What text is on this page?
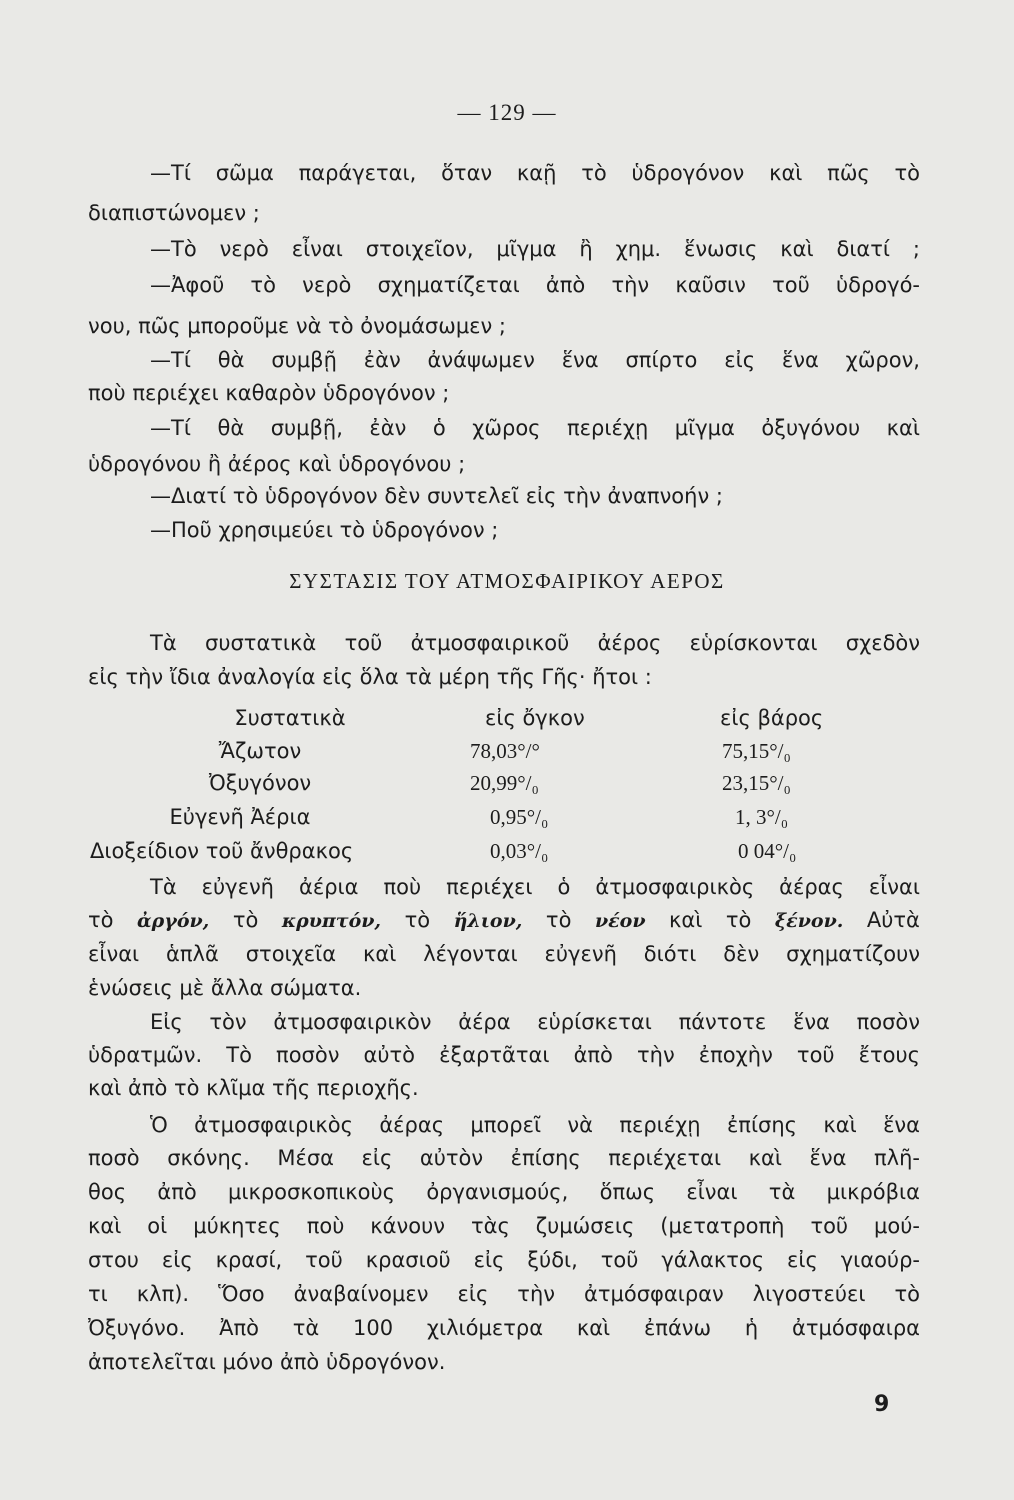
— 129 —
—Τί σῶμα παράγεται, ὅταν καῇ τὸ ὑδρογόνον καὶ πῶς τὸ
διαπιστώνομεν ;
—Τὸ νερὸ εἶναι στοιχεῖον, μῖγμα ἢ χημ. ἕνωσις καὶ διατί ;
—Ἀφοῦ τὸ νερὸ σχηματίζεται ἀπὸ τὴν καῦσιν τοῦ ὑδρογό-
νου, πῶς μποροῦμε νὰ τὸ ὀνομάσωμεν ;
—Τί θὰ συμβῇ ἐὰν ἀνάψωμεν ἕνα σπίρτο εἰς ἕνα χῶρον,
ποὺ περιέχει καθαρὸν ὑδρογόνον ;
—Τί θὰ συμβῇ, ἐὰν ὁ χῶρος περιέχῃ μῖγμα ὀξυγόνου καὶ
ὑδρογόνου ἢ ἀέρος καὶ ὑδρογόνου ;
—Διατί τὸ ὑδρογόνον δὲν συντελεῖ εἰς τὴν ἀναπνοήν ;
—Ποῦ χρησιμεύει τὸ ὑδρογόνον ;
ΣΥΣΤΑΣΙΣ ΤΟΥ ΑΤΜΟΣΦΑΙΡΙΚΟΥ ΑΕΡΟΣ
Τὰ συστατικὰ τοῦ ἀτμοσφαιρικοῦ ἀέρος εὑρίσκονται σχεδὸν
εἰς τὴν ἴδια ἀναλογία εἰς ὅλα τὰ μέρη τῆς Γῆς· ἤτοι :
Συστατικὰ	εἰς ὄγκον	εἰς βάρος
Ἄζωτον	78,03°/°	75,15°/₀
Ὀξυγόνον	20,99°/₀	23,15°/₀
Εὐγενῆ Ἀέρια	0,95°/₀	1, 3°/₀
Διοξείδιον τοῦ ἄνθρακος	0,03°/₀	0 04°/₀
Τὰ εὐγενῆ ἀέρια ποὺ περιέχει ὁ ἀτμοσφαιρικὸς ἀέρας εἶναι
τὸ ἀργόν, τὸ κρυπτόν, τὸ ἥλιον, τὸ νέον καὶ τὸ ξένον. Αὐτὰ
εἶναι ἁπλᾶ στοιχεῖα καὶ λέγονται εὐγενῆ διότι δὲν σχηματίζουν
ἑνώσεις μὲ ἄλλα σώματα.
Εἰς τὸν ἀτμοσφαιρικὸν ἀέρα εὑρίσκεται πάντοτε ἕνα ποσὸν
ὑδρατμῶν. Τὸ ποσὸν αὐτὸ ἐξαρτᾶται ἀπὸ τὴν ἐποχὴν τοῦ ἔτους
καὶ ἀπὸ τὸ κλῖμα τῆς περιοχῆς.
Ὁ ἀτμοσφαιρικὸς ἀέρας μπορεῖ νὰ περιέχῃ ἐπίσης καὶ ἕνα
ποσὸ σκόνης. Μέσα εἰς αὐτὸν ἐπίσης περιέχεται καὶ ἕνα πλῆ-
θος ἀπὸ μικροσκοπικοὺς ὀργανισμούς, ὅπως εἶναι τὰ μικρόβια
καὶ οἱ μύκητες ποὺ κάνουν τὰς ζυμώσεις (μετατροπὴ τοῦ μού-
στου εἰς κρασί, τοῦ κρασιοῦ εἰς ξύδι, τοῦ γάλακτος εἰς γιαούρ-
τι κλπ). Ὅσο ἀναβαίνομεν εἰς τὴν ἀτμόσφαιραν λιγοστεύει τὸ
Ὀξυγόνο. Ἀπὸ τὰ 100 χιλιόμετρα καὶ ἐπάνω ἡ ἀτμόσφαιρα
ἀποτελεῖται μόνο ἀπὸ ὑδρογόνον.
9
